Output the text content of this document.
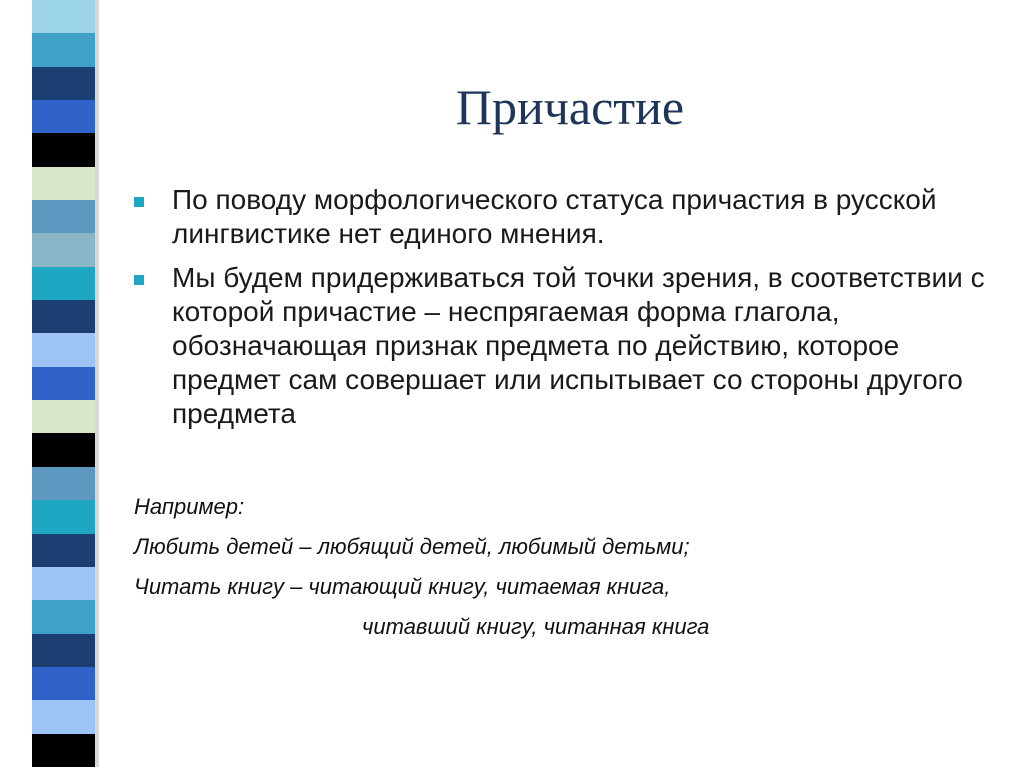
Причастие
По поводу морфологического статуса причастия в русской лингвистике нет единого мнения.
Мы будем придерживаться той точки зрения, в соответствии с которой причастие – неспрягаемая форма глагола, обозначающая признак предмета по действию, которое предмет сам совершает или испытывает со стороны другого предмета
Например:
Любить детей – любящий детей, любимый детьми;
Читать книгу – читающий книгу, читаемая книга,
читавший книгу, читанная книга
